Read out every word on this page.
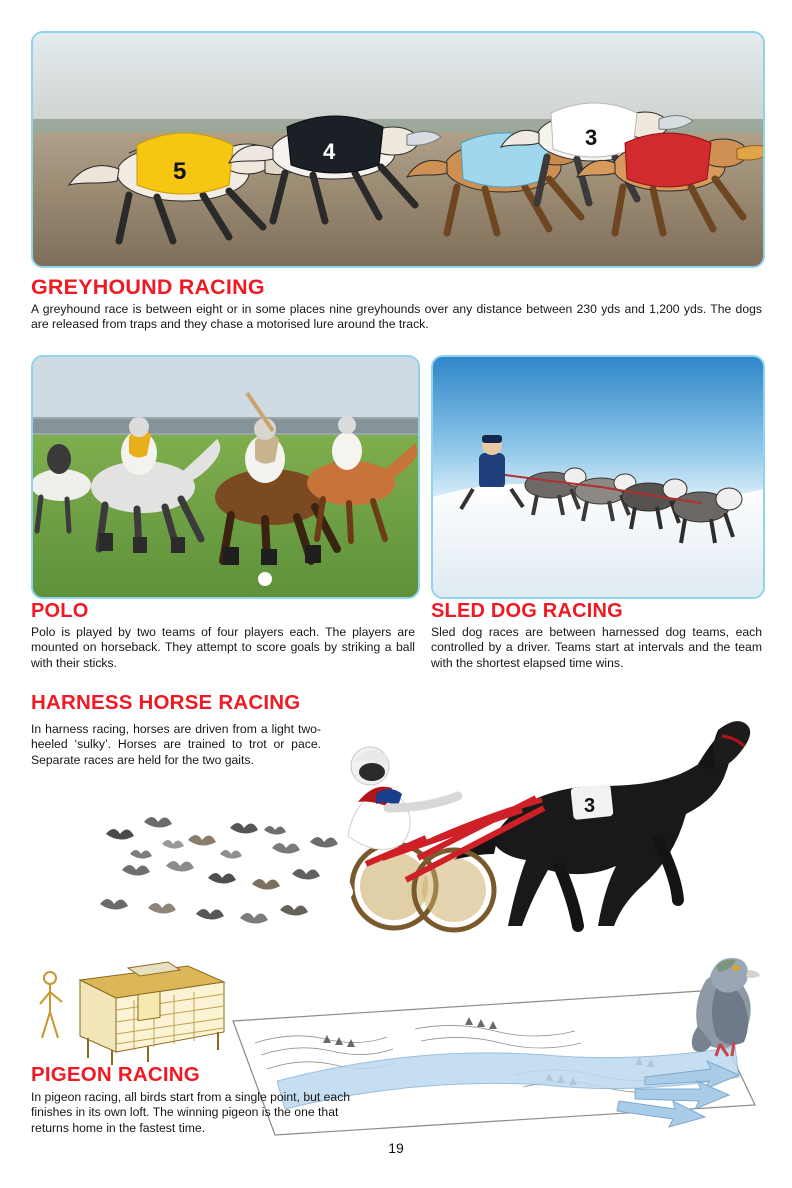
5
4
3
GREYHOUND RACING
A greyhound race is between eight or in some places nine greyhounds over any distance between 230 yds and 1,200 yds. The dogs are released from traps and they chase a motorised lure around the track.
POLO
Polo is played by two teams of four players each. The players are mounted on horseback. They attempt to score goals by striking a ball with their sticks.
SLED DOG RACING
Sled dog races are between harnessed dog teams, each controlled by a driver. Teams start at intervals and the team with the shortest elapsed time wins.
HARNESS HORSE RACING
In harness racing, horses are driven from a light two-heeled ‘sulky’. Horses are trained to trot or pace. Separate races are held for the two gaits.
3
PIGEON RACING
In pigeon racing, all birds start from a single point, but each finishes in its own loft. The winning pigeon is the one that returns home in the fastest time.
19
